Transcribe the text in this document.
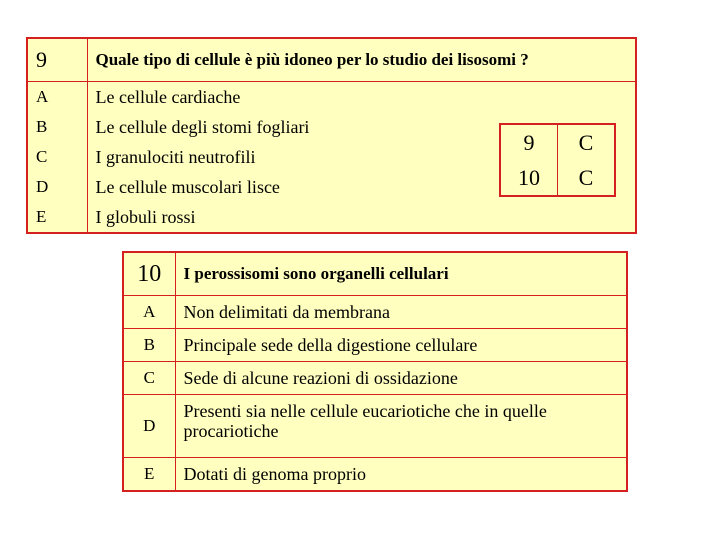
9	Quale tipo di cellule è più idoneo per lo studio dei lisosomi ?
A	Le cellule cardiache
B	Le cellule degli stomi fogliari
C	I granulociti neutrofili
D	Le cellule muscolari lisce
E	I globuli rossi
9	C
10	C
10	I perossisomi sono organelli cellulari
A	Non delimitati da membrana
B	Principale sede della digestione cellulare
C	Sede di alcune reazioni di ossidazione
D	Presenti sia nelle cellule eucariotiche che in quelle procariotiche
E	Dotati di genoma proprio
